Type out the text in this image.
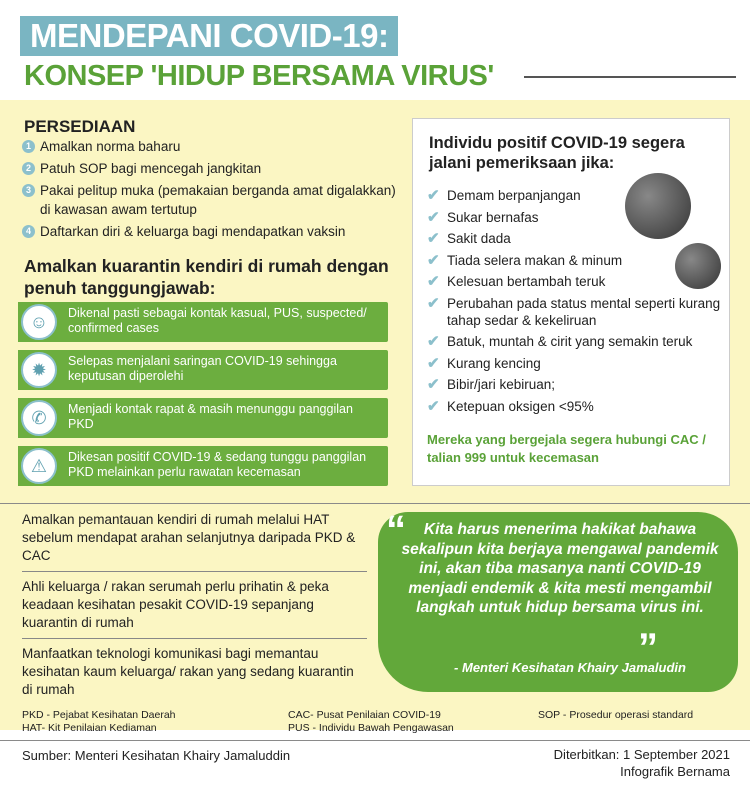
MENDEPANI COVID-19:
KONSEP 'HIDUP BERSAMA VIRUS'
PERSEDIAAN
1 Amalkan norma baharu
2 Patuh SOP bagi mencegah jangkitan
3 Pakai pelitup muka (pemakaian berganda amat digalakkan) di kawasan awam tertutup
4 Daftarkan diri & keluarga bagi mendapatkan vaksin
Amalkan kuarantin kendiri di rumah dengan penuh tanggungjawab:
☺	Dikenal pasti sebagai kontak kasual, PUS, suspected/ confirmed cases
✹	Selepas menjalani saringan COVID-19 sehingga keputusan diperolehi
✆	Menjadi kontak rapat & masih menunggu panggilan PKD
⚠	Dikesan positif COVID-19 & sedang tunggu panggilan PKD melainkan perlu rawatan kecemasan
Individu positif COVID-19 segera jalani pemeriksaan jika:
✔ Demam berpanjangan
✔ Sukar bernafas
✔ Sakit dada
✔ Tiada selera makan & minum
✔ Kelesuan bertambah teruk
✔ Perubahan pada status mental seperti kurang tahap sedar & kekeliruan
✔ Batuk, muntah & cirit yang semakin teruk
✔ Kurang kencing
✔ Bibir/jari kebiruan;
✔ Ketepuan oksigen <95%
Mereka yang bergejala segera hubungi CAC / talian 999 untuk kecemasan
Amalkan pemantauan kendiri di rumah melalui HAT sebelum mendapat arahan selanjutnya daripada PKD & CAC
Ahli keluarga / rakan serumah perlu prihatin & peka keadaan kesihatan pesakit COVID-19 sepanjang kuarantin di rumah
Manfaatkan teknologi komunikasi bagi memantau kesihatan kaum keluarga/ rakan yang sedang kuarantin di rumah
“	Kita harus menerima hakikat bahawa sekalipun kita berjaya mengawal pandemik ini, akan tiba masanya nanti COVID-19 menjadi endemik & kita mesti mengambil langkah untuk hidup bersama virus ini.
”
- Menteri Kesihatan Khairy Jamaludin
PKD - Pejabat Kesihatan Daerah
HAT- Kit Penilaian Kediaman
CAC- Pusat Penilaian COVID-19
PUS - Individu Bawah Pengawasan
SOP - Prosedur operasi standard
Sumber: Menteri Kesihatan Khairy Jamaluddin	Diterbitkan: 1 September 2021
Infografik Bernama
